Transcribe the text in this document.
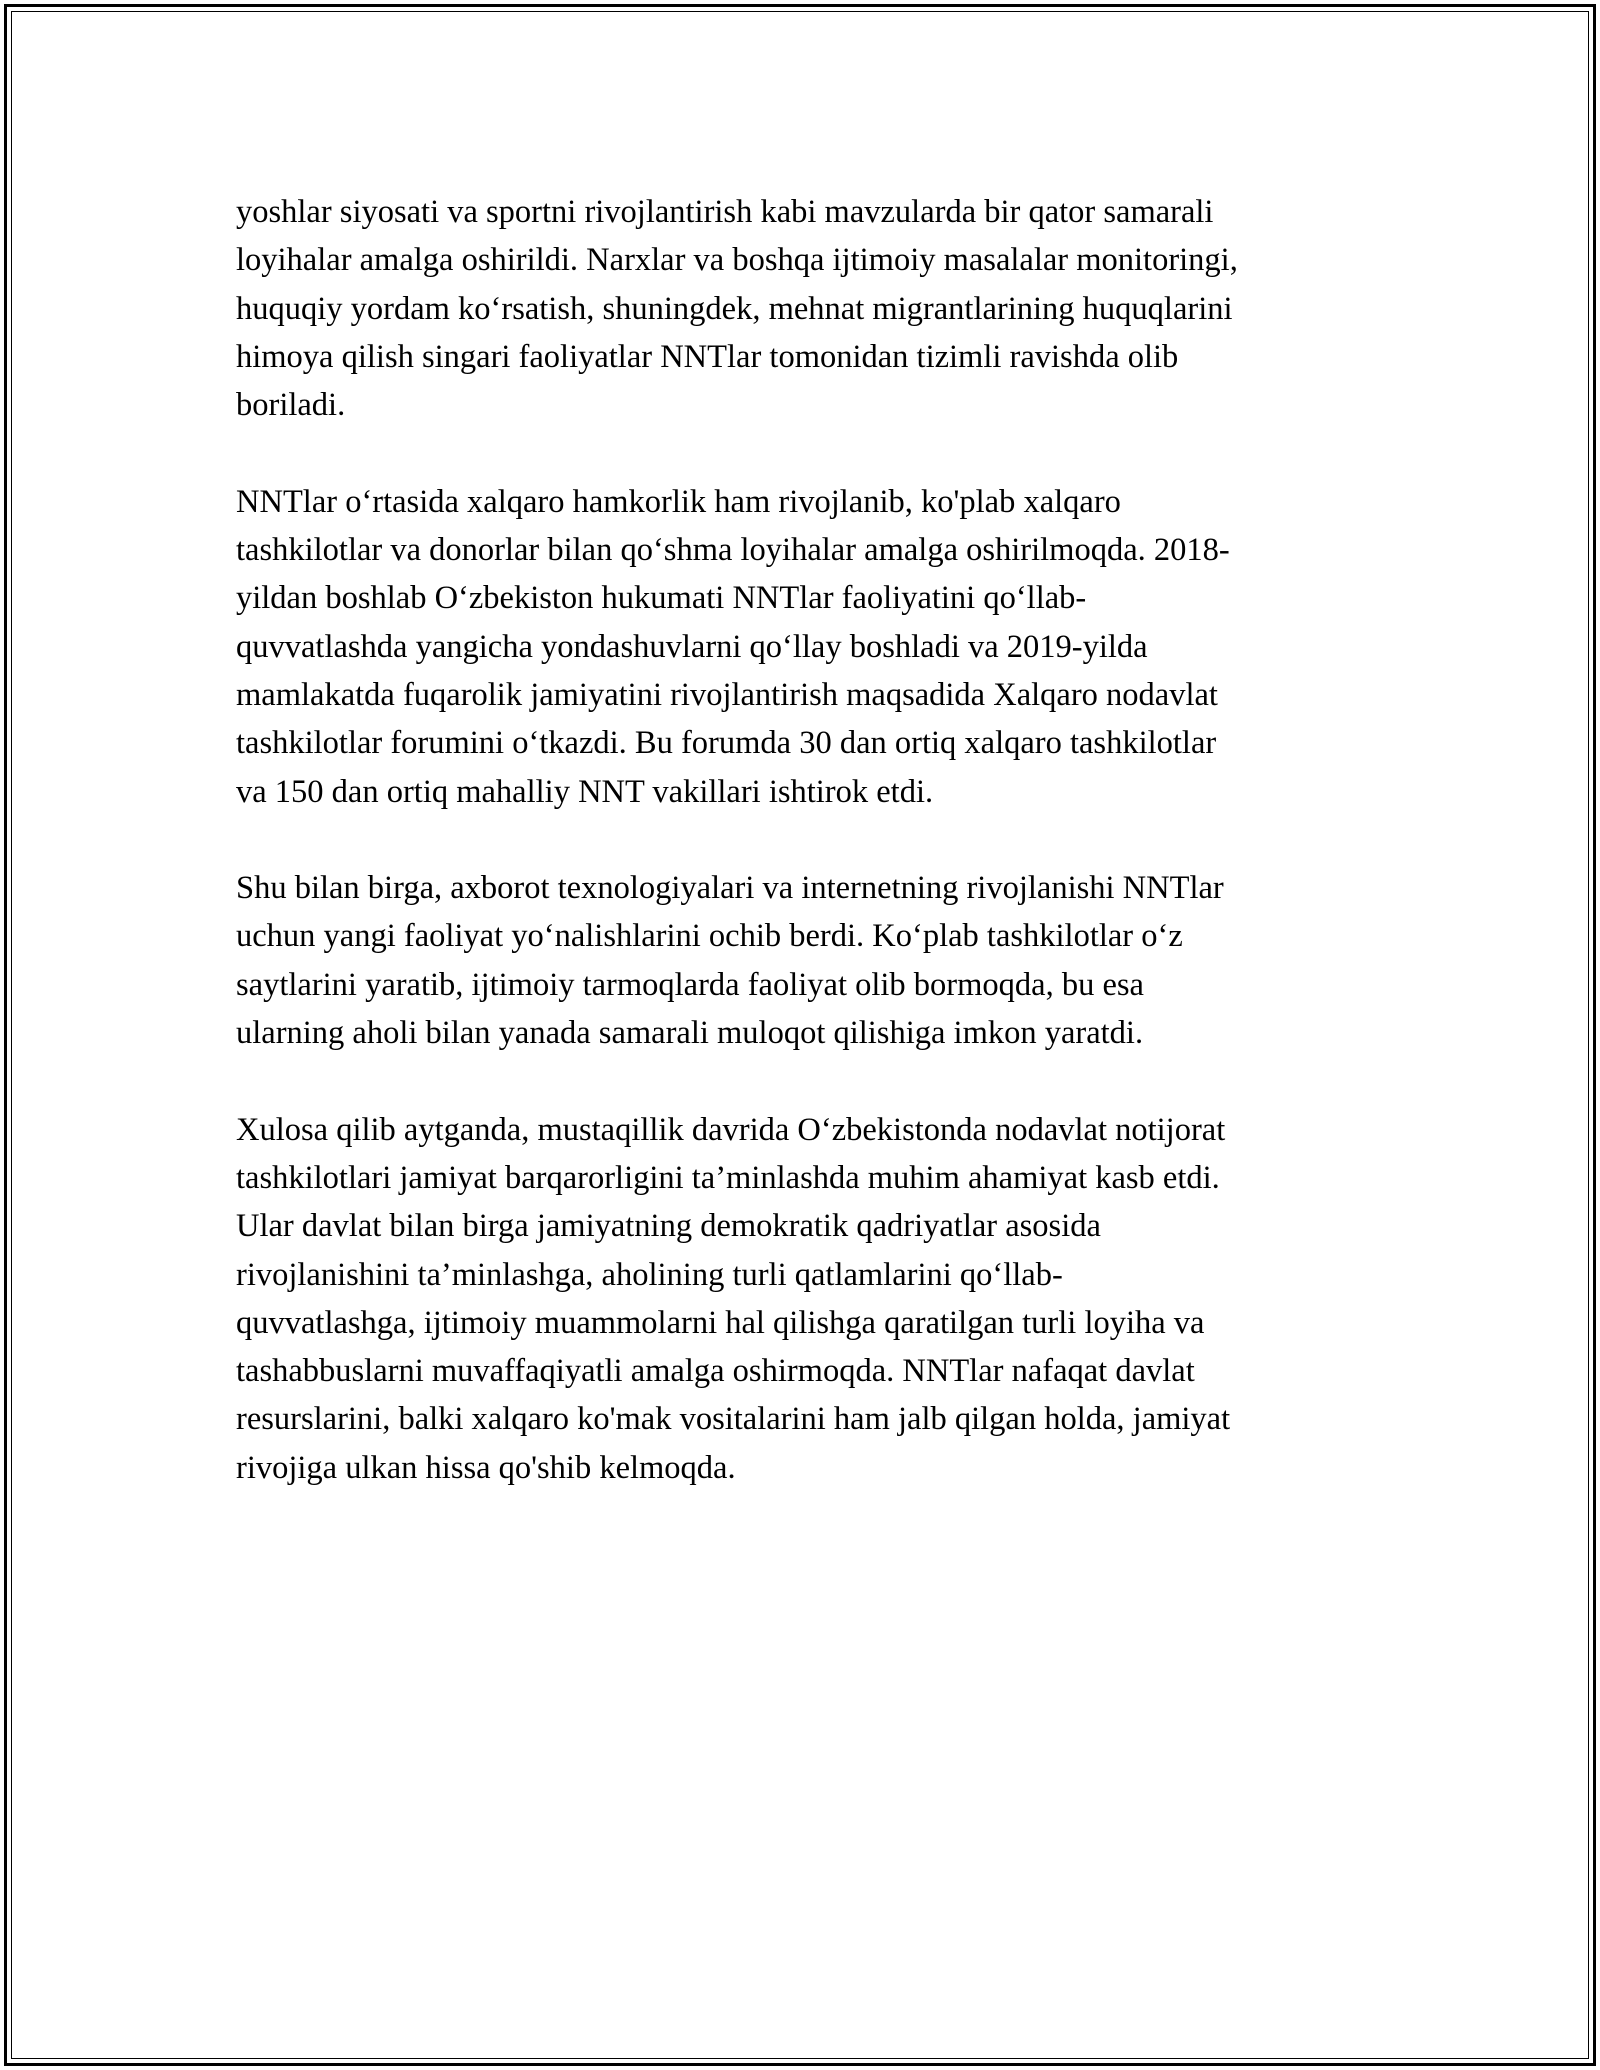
yoshlar siyosati va sportni rivojlantirish kabi mavzularda bir qator samarali
loyihalar amalga oshirildi. Narxlar va boshqa ijtimoiy masalalar monitoringi,
huquqiy yordam ko‘rsatish, shuningdek, mehnat migrantlarining huquqlarini
himoya qilish singari faoliyatlar NNTlar tomonidan tizimli ravishda olib
boriladi.

NNTlar o‘rtasida xalqaro hamkorlik ham rivojlanib, ko'plab xalqaro
tashkilotlar va donorlar bilan qo‘shma loyihalar amalga oshirilmoqda. 2018-
yildan boshlab O‘zbekiston hukumati NNTlar faoliyatini qo‘llab-
quvvatlashda yangicha yondashuvlarni qo‘llay boshladi va 2019-yilda
mamlakatda fuqarolik jamiyatini rivojlantirish maqsadida Xalqaro nodavlat
tashkilotlar forumini o‘tkazdi. Bu forumda 30 dan ortiq xalqaro tashkilotlar
va 150 dan ortiq mahalliy NNT vakillari ishtirok etdi.

Shu bilan birga, axborot texnologiyalari va internetning rivojlanishi NNTlar
uchun yangi faoliyat yo‘nalishlarini ochib berdi. Ko‘plab tashkilotlar o‘z
saytlarini yaratib, ijtimoiy tarmoqlarda faoliyat olib bormoqda, bu esa
ularning aholi bilan yanada samarali muloqot qilishiga imkon yaratdi.

Xulosa qilib aytganda, mustaqillik davrida O‘zbekistonda nodavlat notijorat
tashkilotlari jamiyat barqarorligini ta’minlashda muhim ahamiyat kasb etdi.
Ular davlat bilan birga jamiyatning demokratik qadriyatlar asosida
rivojlanishini ta’minlashga, aholining turli qatlamlarini qo‘llab-
quvvatlashga, ijtimoiy muammolarni hal qilishga qaratilgan turli loyiha va
tashabbuslarni muvaffaqiyatli amalga oshirmoqda. NNTlar nafaqat davlat
resurslarini, balki xalqaro ko'mak vositalarini ham jalb qilgan holda, jamiyat
rivojiga ulkan hissa qo'shib kelmoqda.
